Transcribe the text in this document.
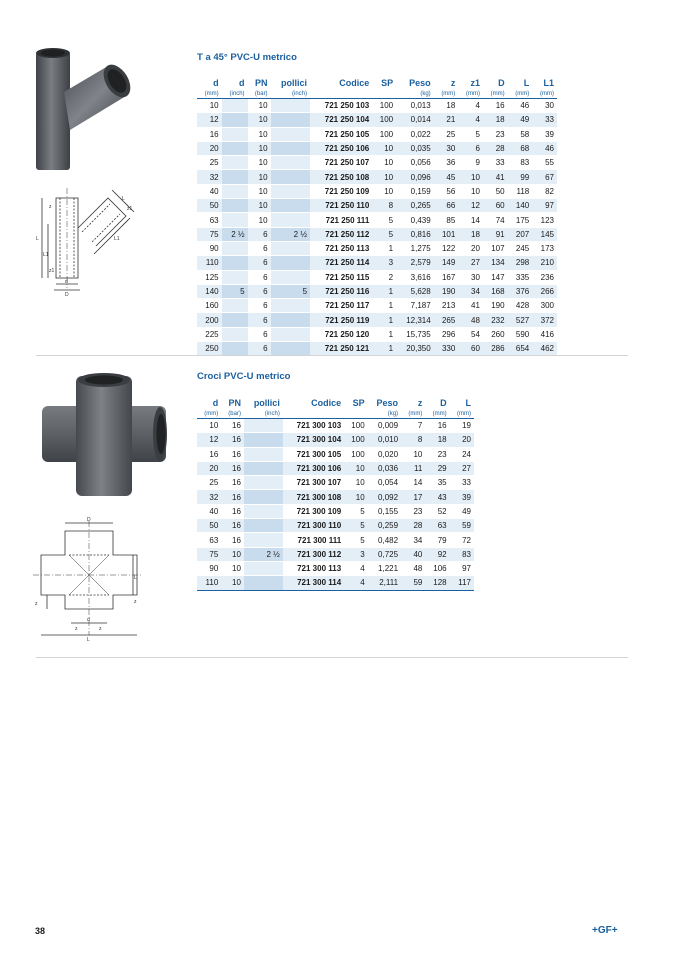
T a 45° PVC-U metrico
d
D
L
L1
z
z1
L
z1
L1
d	d	PN	pollici	Codice	SP	Peso	z	z1	D	L	L1
(mm)	(inch)	(bar)	(inch)			(kg)	(mm)	(mm)	(mm)	(mm)	(mm)
10		10		721 250 103	100	0,013	18	4	16	46	30
12		10		721 250 104	100	0,014	21	4	18	49	33
16		10		721 250 105	100	0,022	25	5	23	58	39
20		10		721 250 106	10	0,035	30	6	28	68	46
25		10		721 250 107	10	0,056	36	9	33	83	55
32		10		721 250 108	10	0,096	45	10	41	99	67
40		10		721 250 109	10	0,159	56	10	50	118	82
50		10		721 250 110	8	0,265	66	12	60	140	97
63		10		721 250 111	5	0,439	85	14	74	175	123
75	2 ½	6	2 ½	721 250 112	5	0,816	101	18	91	207	145
90		6		721 250 113	1	1,275	122	20	107	245	173
110		6		721 250 114	3	2,579	149	27	134	298	210
125		6		721 250 115	2	3,616	167	30	147	335	236
140	5	6	5	721 250 116	1	5,628	190	34	168	376	266
160		6		721 250 117	1	7,187	213	41	190	428	300
200		6		721 250 119	1	12,314	265	48	232	527	372
225		6		721 250 120	1	15,735	296	54	260	590	416
250		6		721 250 121	1	20,350	330	60	286	654	462
Croci PVC-U metrico
D
L
z
d
z	z
z
L
d	PN	pollici	Codice	SP	Peso	z	D	L
(mm)	(bar)	(inch)			(kg)	(mm)	(mm)	(mm)
10	16		721 300 103	100	0,009	7	16	19
12	16		721 300 104	100	0,010	8	18	20
16	16		721 300 105	100	0,020	10	23	24
20	16		721 300 106	10	0,036	11	29	27
25	16		721 300 107	10	0,054	14	35	33
32	16		721 300 108	10	0,092	17	43	39
40	16		721 300 109	5	0,155	23	52	49
50	16		721 300 110	5	0,259	28	63	59
63	16		721 300 111	5	0,482	34	79	72
75	10	2 ½	721 300 112	3	0,725	40	92	83
90	10		721 300 113	4	1,221	48	106	97
110	10		721 300 114	4	2,111	59	128	117
38	+GF+
